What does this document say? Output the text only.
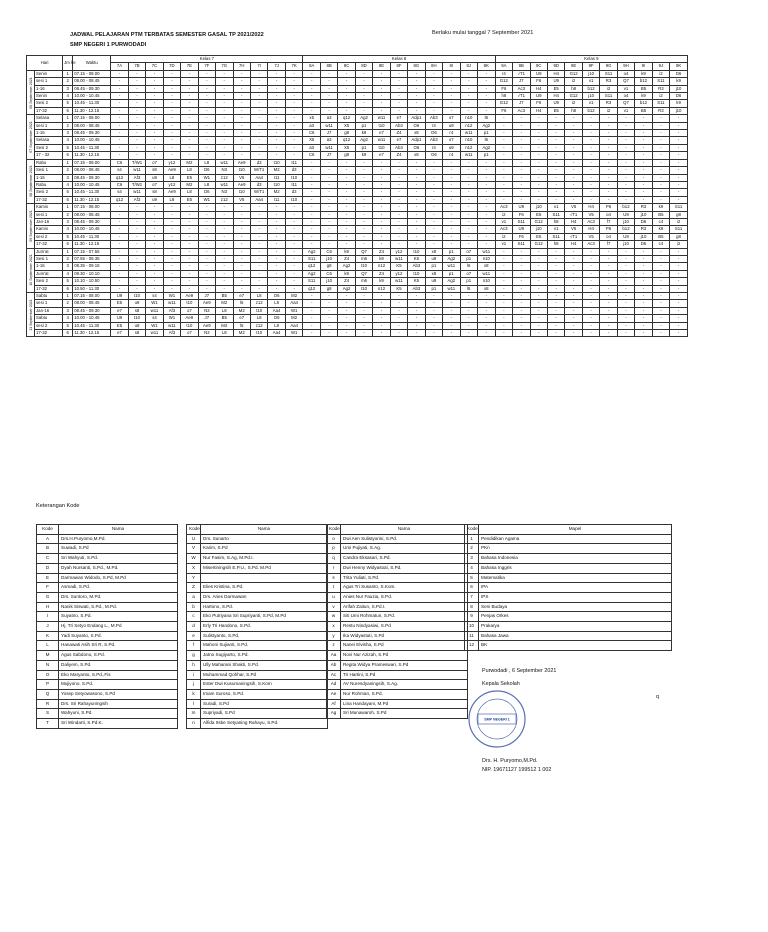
JADWAL PELAJARAN PTM TERBATAS SEMESTER GASAL TP 2021/2022
SMP NEGERI 1 PURWODADI
Berlaku mulai tanggal 7 September 2021
Hari		Jm ke	Waktu	Kelas 7											Kelas 8											Kelas 9										
				7A	7B	7C	7D	7E	7F	7G	7H	7I	7J	7K	8A	8B	8C	8D	8E	8F	8G	8H	8I	8J	8K	9A	9B	9C	9D	9E	9F	9G	9H	9I	9J	9K

06 September 2021	Senin	1	07.15 - 08.00	-	-	-	-	-	-	-	-	-	-	-	-	-	-	-	-	-	-	-	-	-	-	r4	√T1	U9	H4	G12	j10	S11	o4	k9	i2	D6
	sesi 1	2	08.00 - 08.45	-	-	-	-	-	-	-	-	-	-	-	-	-	-	-	-	-	-	-	-	-	-	G12	J7	F6	U9	i2	v1	R3	Q7	b12	S11	k9
	1-16	3	08.45 - 09.30	-	-	-	-	-	-	-	-	-	-	-	-	-	-	-	-	-	-	-	-	-	-	F6	Ac3	H4	E5	h8	b12	i2	v1	B5	R3	j10
	Senin	4	10.00 - 10.45	-	-	-	-	-	-	-	-	-	-	-	-	-	-	-	-	-	-	-	-	-	-	h8	√T1	U9	H4	G12	j10	S11	o4	k9	i2	D6
	Sesi 2	5	10.45 - 11.30	-	-	-	-	-	-	-	-	-	-	-	-	-	-	-	-	-	-	-	-	-	-	G12	J7	F6	U9	i2	v1	R3	Q7	b12	S11	k9
	17-32	6	11.30 - 12.15	-	-	-	-	-	-	-	-	-	-	-	-	-	-	-	-	-	-	-	-	-	-	F6	Ac3	H4	E5	h8	b12	i2	v1	B5	R3	j10

07 September 2021	Selasa	1	07.15 - 08.00	-	-	-	-	-	-	-	-	-	-	-	x5	a3	q12	Ag2	w11	e7	Adp1	Ab3	o7	n10	l6	-	-	-	-	-	-	-	-	-	-	-
	sesi 1	2	08.00 - 08.45	-	-	-	-	-	-	-	-	-	-	-	a3	w11	X5	p1	t10	Ab3	O6	r4	u9	n12	Ag2	-	-	-	-	-	-	-	-	-	-	-
	1-16	3	08.45 - 09.30	-	-	-	-	-	-	-	-	-	-	-	C6	J7	g8	k9	e7	Z4	x8	O6	r4	w11	p1	-	-	-	-	-	-	-	-	-	-	-
	Selasa	4	10.00 - 10.45	-	-	-	-	-	-	-	-	-	-	-	X5	a3	q12	Ag2	w11	e7	Adp1	Ab3	o7	n10	l6	-	-	-	-	-	-	-	-	-	-	-
	Sesi 2	5	10.45 - 11.30	-	-	-	-	-	-	-	-	-	-	-	a3	w11	X5	p1	t10	Ab3	O6	r4	u9	n12	Ag2	-	-	-	-	-	-	-	-	-	-	-
	17 - 32	6	11.30 - 12.15	-	-	-	-	-	-	-	-	-	-	-	C6	J7	g8	k9	e7	Z4	x8	O6	r4	w11	p1	-	-	-	-	-	-	-	-	-	-	-

08 September 2021	Rabu	1	07.15 - 08.00	C6	T/W1	o7	y12	M2	L8	w11	Ae9	d3	t10	I11	-	-	-	-	-	-	-	-	-	-	-	-	-	-	-	-	-	-	-	-	-	-
	Sesi 1	2	08.00 - 08.45	s4	w11	s8	Ae9	L8	D6	N3	t10	W/T1	M2	d3	-	-	-	-	-	-	-	-	-	-	-	-	-	-	-	-	-	-	-	-	-	-
	1-16	3	08.45 - 09.30	q12	Af3	u9	L8	E5	W1	z12	V5	Aa4	I11	t10	-	-	-	-	-	-	-	-	-	-	-	-	-	-	-	-	-	-	-	-	-	-
	Rabu	4	10.00 - 10.45	C6	T/W1	o7	y12	M2	L8	w11	Ae9	d3	t10	I11	-	-	-	-	-	-	-	-	-	-	-	-	-	-	-	-	-	-	-	-	-	-
	Sesi 2	5	10.45 - 11.30	s4	w11	s8	Ae9	L8	D6	N3	t10	W/T1	M2	d3	-	-	-	-	-	-	-	-	-	-	-	-	-	-	-	-	-	-	-	-	-	-
	17-32	6	11.30 - 12.15	q12	Af3	u9	L8	E5	W1	z12	V5	Aa4	I11	t10	-	-	-	-	-	-	-	-	-	-	-	-	-	-	-	-	-	-	-	-	-	-

09 September 2021	Kamis	1	07.15 - 08.00	-	-	-	-	-	-	-	-	-	-	-	-	-	-	-	-	-	-	-	-	-	-	Ac3	U9	j10	v1	V5	H4	P6	b12	R3	k9	S11
	sesi 1	2	08.00 - 08.45	-	-	-	-	-	-	-	-	-	-	-	-	-	-	-	-	-	-	-	-	-	-	i2	F6	E5	S11	√T1	V5	o4	U9	j10	B5	g8
	Jan-16	3	08.45 - 09.30	-	-	-	-	-	-	-	-	-	-	-	-	-	-	-	-	-	-	-	-	-	-	v1	S11	G12	h8	H4	Ac3	f7	j10	D6	c4	i2
	Kamis	4	10.00 - 10.45	-	-	-	-	-	-	-	-	-	-	-	-	-	-	-	-	-	-	-	-	-	-	Ac3	U9	j10	v1	V5	H4	P6	b12	R3	k9	S11
	sesi 2	5	10.45 - 11.30	-	-	-	-	-	-	-	-	-	-	-	-	-	-	-	-	-	-	-	-	-	-	i2	F6	E5	S11	√T1	V5	o4	U9	j10	B5	g8
	17-32	6	11.30 - 12.15	-	-	-	-	-	-	-	-	-	-	-	-	-	-	-	-	-	-	-	-	-	-	v1	S11	G12	h8	H4	Ac3	f7	j10	D6	c4	i2

10 September 2021	Jum'at	1	07.15 - 07.55	-	-	-	-	-	-	-	-	-	-	-	Ag2	C6	k9	Q7	Z4	y12	t10	x8	p1	o7	w11	-	-	-	-	-	-	-	-	-	-	-
	Sesi 1	2	07.55 - 08.35	-	-	-	-	-	-	-	-	-	-	-	S11	j10	Z4	m6	k9	w11	K5	u9	Ag2	p1	n10	-	-	-	-	-	-	-	-	-	-	-
	1-16	3	08.35 - 09.15	-	-	-	-	-	-	-	-	-	-	-	q12	g8	Ag2	t10	n12	K5	Ab3	p1	w11	l6	x8	-	-	-	-	-	-	-	-	-	-	-
	Jum'at	4	09.30 - 10.10	-	-	-	-	-	-	-	-	-	-	-	Ag2	C6	k9	Q7	Z4	y12	t10	x8	p1	o7	w11	-	-	-	-	-	-	-	-	-	-	-
	Sesi 2	5	10.10 - 10.50	-	-	-	-	-	-	-	-	-	-	-	S11	j10	Z4	m6	k9	w11	K5	u9	Ag2	p1	n10	-	-	-	-	-	-	-	-	-	-	-
	17-32	6	10.50 - 11.30	-	-	-	-	-	-	-	-	-	-	-	q12	g8	Ag2	t10	n12	K5	Ab3	p1	w11	l6	x8	-	-	-	-	-	-	-	-	-	-	-

11 September 2021	Sabtu	1	07.15 - 08.00	U9	t10	s4	W1	Ae9	J7	B5	e7	L8	O6	M2	-	-	-	-	-	-	-	-	-	-	-	-	-	-	-	-	-	-	-	-	-	-
	sesi 1	2	08.00 - 08.45	E5	u9	W1	w11	t10	Ae9	M2	l6	z12	L8	Aa4	-	-	-	-	-	-	-	-	-	-	-	-	-	-	-	-	-	-	-	-	-	-
	Jan-16	3	08.45 - 09.30	e7	s8	w11	Af3	o7	N3	L8	M2	t10	Aa4	W1	-	-	-	-	-	-	-	-	-	-	-	-	-	-	-	-	-	-	-	-	-	-
	Sabtu	4	10.00 - 10.45	U9	t10	s4	W1	Ae9	J7	B5	e7	L8	O6	M2	-	-	-	-	-	-	-	-	-	-	-	-	-	-	-	-	-	-	-	-	-	-
	sesi 2	5	10.45 - 11.30	E5	u9	W1	w11	t10	Ae9	M2	l6	z12	L8	Aa4	-	-	-	-	-	-	-	-	-	-	-	-	-	-	-	-	-	-	-	-	-	-
	17-32	6	11.30 - 12.15	e7	s8	w11	Af3	o7	N3	L8	M2	t10	Aa4	W1	-	-	-	-	-	-	-	-	-	-	-	-	-	-	-	-	-	-	-	-	-	-
Keterangan Kode
Kode	Nama
A	Drs.H.Puryomo,M.Pd.
B	Suwadi, S.Pd
C	Sri Wahyuti, S.Pd.
D	Dyah Nursanti, S.Pd., M.Pd.
E	Darmawan Widodo, S.Pd, M.Pd
F	Asmadi, S.Pd.
G	Drs. Suntoro, M.Pd.
H	Nanik Siswati, S.Pd., M.Pd.
I	Suyatno, S.Pd.
J	Hj. Tri Setyo Endang L., M.Pd
K	Yadi Suyanto, S.Pd.
L	Hanawati Asih Sri R, S.Pd.
M	Agus Sabdono, S.Pd.
N	Daliyem, S.Pd.
O	Eko Maryanto, S.Pd.,Fis
P	Mujiyono, S.Pd.
Q	Yosep Setyowasono, S.Pd
R	Drs. Sri Rahayuningsih
S	Wahyuni, S.Pd.
T	Sri Windarti, S.Pd.K.
Kode	Nama
U	Drs. Sunarto
V	Karim, S.Pd
W	Nur Fasim, S.Ag, M.Pd.I.
X	Misertiningsih E.P.U., S.Pd. M.Pd
Y	
Z	Elies Kristina, S.Pd.
a	Drs. Aries Darmawan
b	Hartono, S.Pd.
c	Eko Putriyana Sri Supriyanti, S.Pd, M.Pd
d	Erly Tri Handono, S.Pd.
e	Sulistyanto, S.Pd.
f	Mahoni Sujianti, S.Pd.
g	Jatno Sugiyarto, S.Pd.
h	Ully Maharani Shakti, S.Pd.
i	Muhammad Qohhar, S.Pd
j	Ester Dwi Kusumaningsih, S.Kom
k	Imam Suroso, S.Pd.
l	Suradi, S.Pd
m	Supriyadi, S.Pd
n	Alfida Itsbe Setyaning Rahayu, S.Pd.
Kode	Nama
o	Dwi Aen Sulistyorini, S.Pd.
p	Umi Pujiyati, S.Ag.
q	Candra Eksasari, S.Pd.
r	Dwi Henny Widyastuti, S.Pd.
s	Trita Yuliati, S.Pd.
t	Agus Tri Susanto, S.Kom.
u	Anies Nur Fauzia, S.Pd.
v	Arifah Zaitun, S.Pd.I.
w	Siti Umi Rohmatun, S.Pd.
x	Restu Nindyasiwi, S.Pd
y	Ika Widyastuti, S.Pd
z	Nanei Elvisha, S.Pd
Aa	Novi Nur Azizah, S.Pd
Ab	Regita Widya Prameswari, S.Pd
Ac	Tri Hartini, S.Pd
Ad	AV Nuresdyaningsih, S.Ag.
Ae	Nur Rohman, S.Pd.
Af	Lina Handayani, M.Pd
Ag	Sri Munawaroh, S.Pd
Kode	Mapel
1	Pendidikan Agama
2	PKn
3	Bahasa Indonesia
4	Bahasa Inggris
5	Matematika
6	IPA
7	IPS
8	Seni Budaya
9	Penjas Orkes
10	Prakarya
11	Bahasa Jawa
12	BK
Purwodadi , 6 September 2021
Kepala Sekolah
SMP NEGERI 1
Drs. H. Puryomo,M.Pd.
NIP. 19671127 199512 1 002
q
